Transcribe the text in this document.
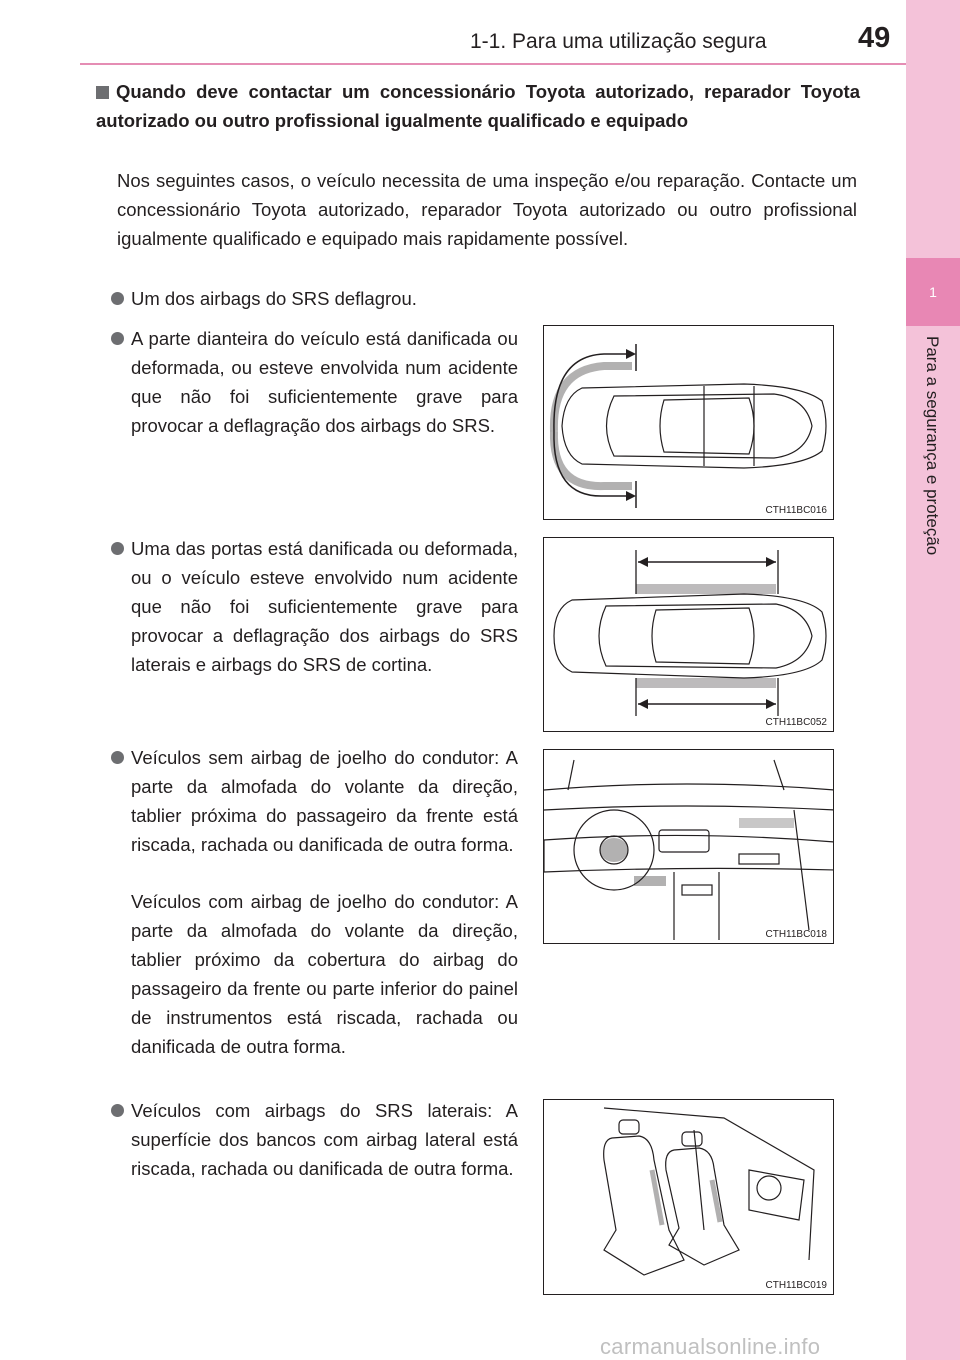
1-1. Para uma utilização segura	49
1
Para a segurança e proteção
Quando deve contactar um concessionário Toyota autorizado, reparador Toyota autorizado ou outro profissional igualmente qualificado e equipado
Nos seguintes casos, o veículo necessita de uma inspeção e/ou reparação. Contacte um concessionário Toyota autorizado, reparador Toyota autorizado ou outro profissional igualmente qualificado e equipado mais rapidamente possível.
Um dos airbags do SRS deflagrou.
A parte dianteira do veículo está danificada ou deformada, ou esteve envolvida num acidente que não foi suficientemente grave para provocar a deflagração dos airbags do SRS.
CTH11BC016
Uma das portas está danificada ou deformada, ou o veículo esteve envolvido num acidente que não foi suficientemente grave para provocar a deflagração dos airbags do SRS laterais e airbags do SRS de cortina.
CTH11BC052
Veículos sem airbag de joelho do condutor: A parte da almofada do volante da direção, tablier próxima do passageiro da frente está riscada, rachada ou danificada de outra forma.
Veículos com airbag de joelho do condutor: A parte da almofada do volante da direção, tablier próximo da cobertura do airbag do passageiro da frente ou parte inferior do painel de instrumentos está riscada, rachada ou danificada de outra forma.
CTH11BC018
Veículos com airbags do SRS laterais: A superfície dos bancos com airbag lateral está riscada, rachada ou danificada de outra forma.
CTH11BC019
carmanualsonline.info
